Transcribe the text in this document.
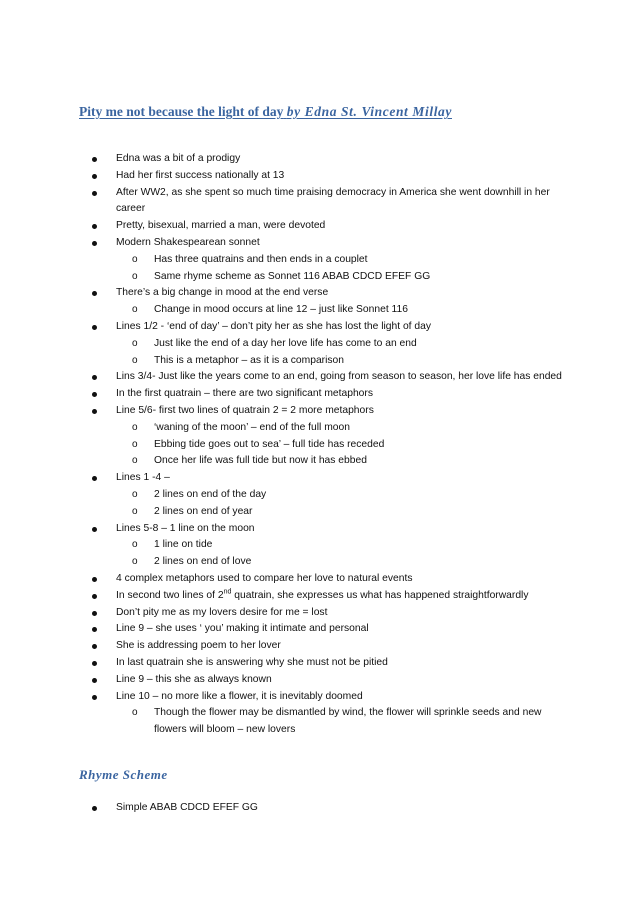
Pity me not because the light of day by Edna St. Vincent Millay
Edna was a bit of a prodigy
Had her first success nationally at 13
After WW2, as she spent so much time praising democracy in America she went downhill in her career
Pretty, bisexual, married a man, were devoted
Modern Shakespearean sonnet
o Has three quatrains and then ends in a couplet
o Same rhyme scheme as Sonnet 116 ABAB CDCD EFEF GG
There’s a big change in mood at the end verse
o Change in mood occurs at line 12 – just like Sonnet 116
Lines 1/2 - ‘end of day’ – don’t pity her as she has lost the light of day
o Just like the end of a day her love life has come to an end
o This is a metaphor – as it is a comparison
Lins 3/4- Just like the years come to an end, going from season to season, her love life has ended
In the first quatrain – there are two significant metaphors
Line 5/6- first two lines of quatrain 2 = 2 more metaphors
o ‘waning of the moon’ – end of the full moon
o Ebbing tide goes out to sea’ – full tide has receded
o Once her life was full tide but now it has ebbed
Lines 1 -4 –
o 2 lines on end of the day
o 2 lines on end of year
Lines 5-8 – 1 line on the moon
o 1 line on tide
o 2 lines on end of love
4 complex metaphors used to compare her love to natural events
In second two lines of 2nd quatrain, she expresses us what has happened straightforwardly
Don’t pity me as my lovers desire for me = lost
Line 9 – she uses ‘ you’ making it intimate and personal
She is addressing poem to her lover
In last quatrain she is answering why she must not be pitied
Line 9 – this she as always known
Line 10 – no more like a flower, it is inevitably doomed
o Though the flower may be dismantled by wind, the flower will sprinkle seeds and new flowers will bloom – new lovers
Rhyme Scheme
Simple ABAB CDCD EFEF GG
